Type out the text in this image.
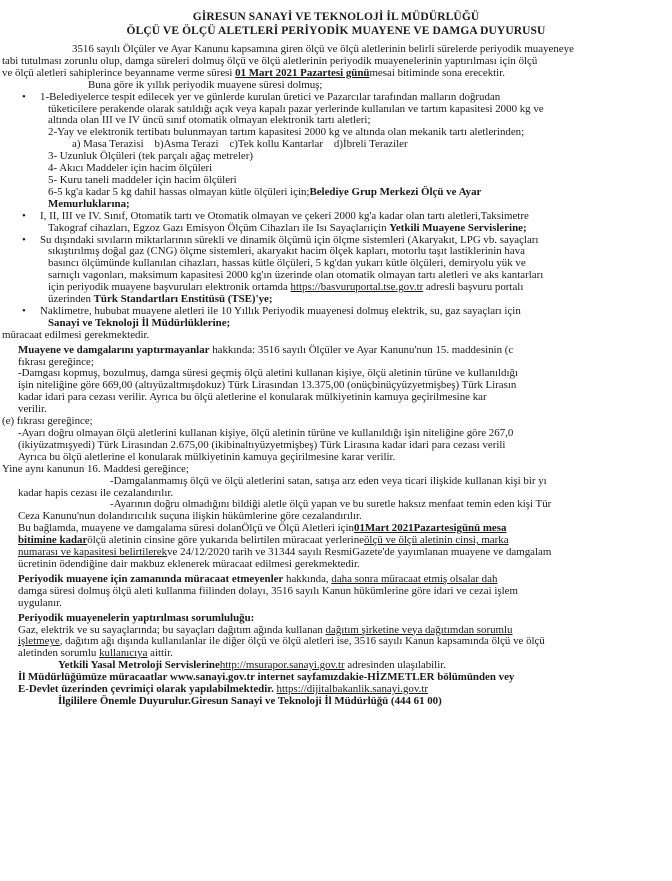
GİRESUN SANAYİ VE TEKNOLOJİ İL MÜDÜRLÜĞÜ

ÖLÇÜ VE ÖLÇÜ ALETLERİ PERİYODİK MUAYENE VE DAMGA DUYURUSU

3516 sayılı Ölçüler ve Ayar Kanunu kapsamına giren ölçü ve ölçü aletlerinin belirli sürelerde periyodik muayeneye

tabi tutulması zorunlu olup, damga süreleri dolmuş ölçü ve ölçü aletlerinin periyodik muayenelerinin yaptırılması için ölçü

ve ölçü aletleri sahiplerince beyanname verme süresi 01 Mart 2021 Pazartesi günümesai bitiminde sona erecektir.

Buna göre ik yıllık periyodik muayene süresi dolmuş;

• 1-Belediyelerce tespit edilecek yer ve günlerde kurulan üretici ve Pazarcılar tarafından malların doğrudan

tüketicilere perakende olarak satıldığı açık veya kapalı pazar yerlerinde kullanılan ve tartım kapasitesi 2000 kg ve

altında olan III ve IV üncü sınıf otomatik olmayan elektronik tartı aletleri;

2-Yay ve elektronik tertibatı bulunmayan tartım kapasitesi 2000 kg ve altında olan mekanik tartı aletlerinden;

a) Masa Terazisi    b)Asma Terazi    c)Tek kollu Kantarlar    d)İbreli Teraziler

3- Uzunluk Ölçüleri (tek parçalı ağaç metreler)

4- Akıcı Maddeler için hacim ölçüleri

5- Kuru taneli maddeler için hacim ölçüleri

6-5 kg'a kadar 5 kg dahil hassas olmayan kütle ölçüleri için;Belediye Grup Merkezi Ölçü ve Ayar

Memurluklarına;

• I, II, III ve IV. Sınıf, Otomatik tartı ve Otomatik olmayan ve çekeri 2000 kg'a kadar olan tartı aletleri,Taksimetre

Takograf cihazları, Egzoz Gazı Emisyon Ölçüm Cihazları ile Isı Sayaçlarıiçin Yetkili Muayene Servislerine;

• Su dışındaki sıvıların miktarlarının sürekli ve dinamik ölçümü için ölçme sistemleri (Akaryakıt, LPG vb. sayaçları

sıkıştırılmış doğal gaz (CNG) ölçme sistemleri, akaryakıt hacim ölçek kapları, motorlu taşıt lastiklerinin hava

basıncı ölçümünde kullanılan cihazları, hassas kütle ölçüleri, 5 kg'dan yukarı kütle ölçüleri, demiryolu yük ve

sarnıçlı vagonları, maksimum kapasitesi 2000 kg'ın üzerinde olan otomatik olmayan tartı aletleri ve aks kantarları

için periyodik muayene başvuruları elektronik ortamda https://basvuruportal.tse.gov.tr adresli başvuru portalı

üzerinden Türk Standartları Enstitüsü (TSE)'ye;

• Naklimetre, hububat muayene aletleri ile 10 Yıllık Periyodik muayenesi dolmuş elektrik, su, gaz sayaçları için

Sanayi ve Teknoloji İl Müdürlüklerine;

müracaat edilmesi gerekmektedir.

Muayene ve damgalarını yaptırmayanlar hakkında: 3516 sayılı Ölçüler ve Ayar Kanunu'nun 15. maddesinin (c

fıkrası gereğince;

-Damgası kopmuş, bozulmuş, damga süresi geçmiş ölçü aletini kullanan kişiye, ölçü aletinin türüne ve kullanıldığı

işin niteliğine göre 669,00 (altıyüzaltmışdokuz) Türk Lirasından 13.375,00 (onüçbinüçyüzyetmişbeş) Türk Lirasın

kadar idari para cezası verilir. Ayrıca bu ölçü aletlerine el konularak mülkiyetinin kamuya geçirilmesine kar

verilir.

(e) fıkrası gereğince;

-Ayarı doğru olmayan ölçü aletlerini kullanan kişiye, ölçü aletinin türüne ve kullanıldığı işin niteliğine göre 267,0

(ikiyüzatmışyedi) Türk Lirasından 2.675,00 (ikibinaltıyüzyetmişbeş) Türk Lirasına kadar idari para cezası verili

Ayrıca bu ölçü aletlerine el konularak mülkiyetinin kamuya geçirilmesine karar verilir.

Yine aynı kanunun 16. Maddesi gereğince;

-Damgalanmamış ölçü ve ölçü aletlerini satan, satışa arz eden veya ticari ilişkide kullanan kişi bir yı

kadar hapis cezası ile cezalandırılır.

-Ayarının doğru olmadığını bildiği aletle ölçü yapan ve bu suretle haksız menfaat temin eden kişi Tür

Ceza Kanunu'nun dolandırıcılık suçuna ilişkin hükümlerine göre cezalandırılır.

Bu bağlamda, muayene ve damgalama süresi dolanÖlçü ve Ölçü Aletleri için01Mart 2021Pazartesigünü mesa

bitimine kadarölçü aletinin cinsine göre yukarıda belirtilen müracaat yerlerineölçü ve ölçü aletinin cinsi, marka

numarası ve kapasitesi belirtilerekve 24/12/2020 tarih ve 31344 sayılı ResmiGazete'de yayımlanan muayene ve damgalam

ücretinin ödendiğine dair makbuz eklenerek müracaat edilmesi gerekmektedir.

Periyodik muayene için zamanında müracaat etmeyenler hakkında, daha sonra müracaat etmiş olsalar dah

damga süresi dolmuş ölçü aleti kullanma fiilinden dolayı, 3516 sayılı Kanun hükümlerine göre idari ve cezai işlem

uygulanır.

Periyodik muayenelerin yaptırılması sorumluluğu:

Gaz, elektrik ve su sayaçlarında; bu sayaçları dağıtım ağında kullanan dağıtım şirketine veya dağıtımdan sorumlu

işletmeye, dağıtım ağı dışında kullanılanlar ile diğer ölçü ve ölçü aletleri ise, 3516 sayılı Kanun kapsamında ölçü ve ölçü

aletinden sorumlu kullanıcıya aittir.

Yetkili Yasal Metroloji Servislerinehttp://msurapor.sanayi.gov.tr adresinden ulaşılabilir.

İl Müdürlüğümüze müracaatlar www.sanayi.gov.tr internet sayfamızdakie-HİZMETLER bölümünden vey

E-Devlet üzerinden çevrimiçi olarak yapılabilmektedir. https://dijitalbakanlik.sanayi.gov.tr

İlgililere Önemle Duyurulur.Giresun Sanayi ve Teknoloji İl Müdürlüğü (444 61 00)
